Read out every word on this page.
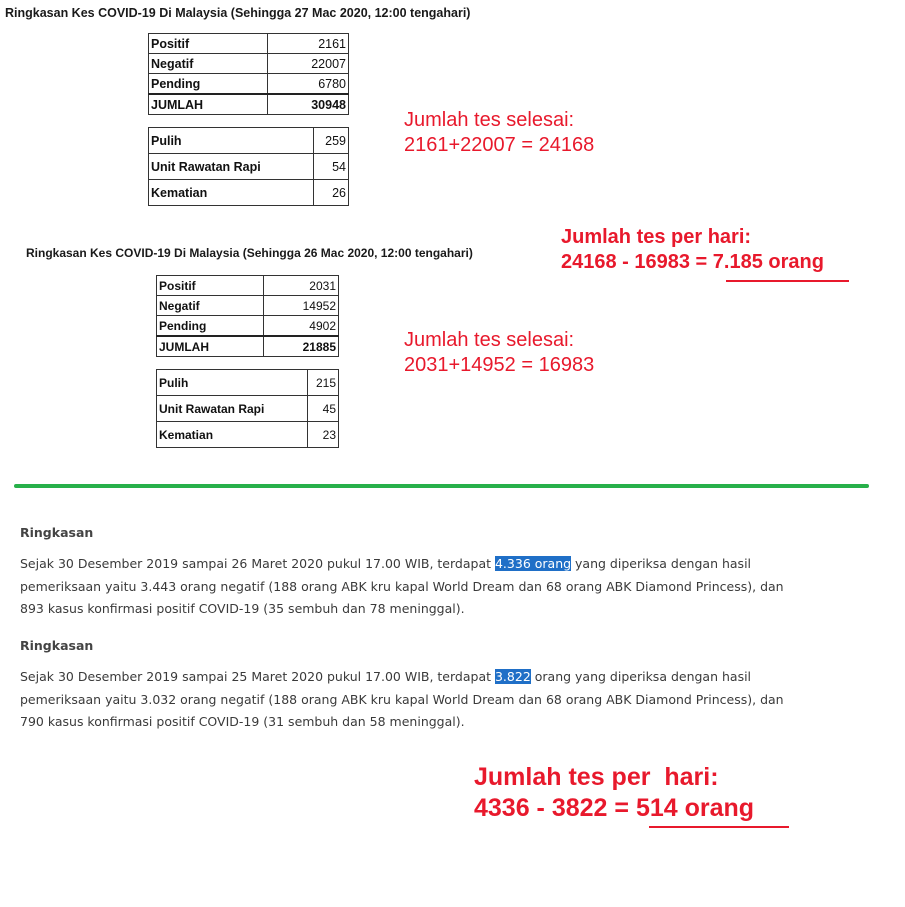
Ringkasan Kes COVID-19 Di Malaysia (Sehingga 27 Mac 2020, 12:00 tengahari)
Positif	2161
Negatif	22007
Pending	6780
JUMLAH	30948
Pulih	259
Unit Rawatan Rapi	54
Kematian	26
Jumlah tes selesai:
2161+22007 = 24168
Jumlah tes per hari:
24168 - 16983 = 7.185 orang
Ringkasan Kes COVID-19 Di Malaysia (Sehingga 26 Mac 2020, 12:00 tengahari)
Positif	2031
Negatif	14952
Pending	4902
JUMLAH	21885
Pulih	215
Unit Rawatan Rapi	45
Kematian	23
Jumlah tes selesai:
2031+14952 = 16983
Ringkasan
Sejak 30 Desember 2019 sampai 26 Maret 2020 pukul 17.00 WIB, terdapat 4.336 orang yang diperiksa dengan hasil pemeriksaan yaitu 3.443 orang negatif (188 orang ABK kru kapal World Dream dan 68 orang ABK Diamond Princess), dan 893 kasus konfirmasi positif COVID-19 (35 sembuh dan 78 meninggal).
Ringkasan
Sejak 30 Desember 2019 sampai 25 Maret 2020 pukul 17.00 WIB, terdapat 3.822 orang yang diperiksa dengan hasil pemeriksaan yaitu 3.032 orang negatif (188 orang ABK kru kapal World Dream dan 68 orang ABK Diamond Princess), dan 790 kasus konfirmasi positif COVID-19 (31 sembuh dan 58 meninggal).
Jumlah tes per  hari:
4336 - 3822 = 514 orang
